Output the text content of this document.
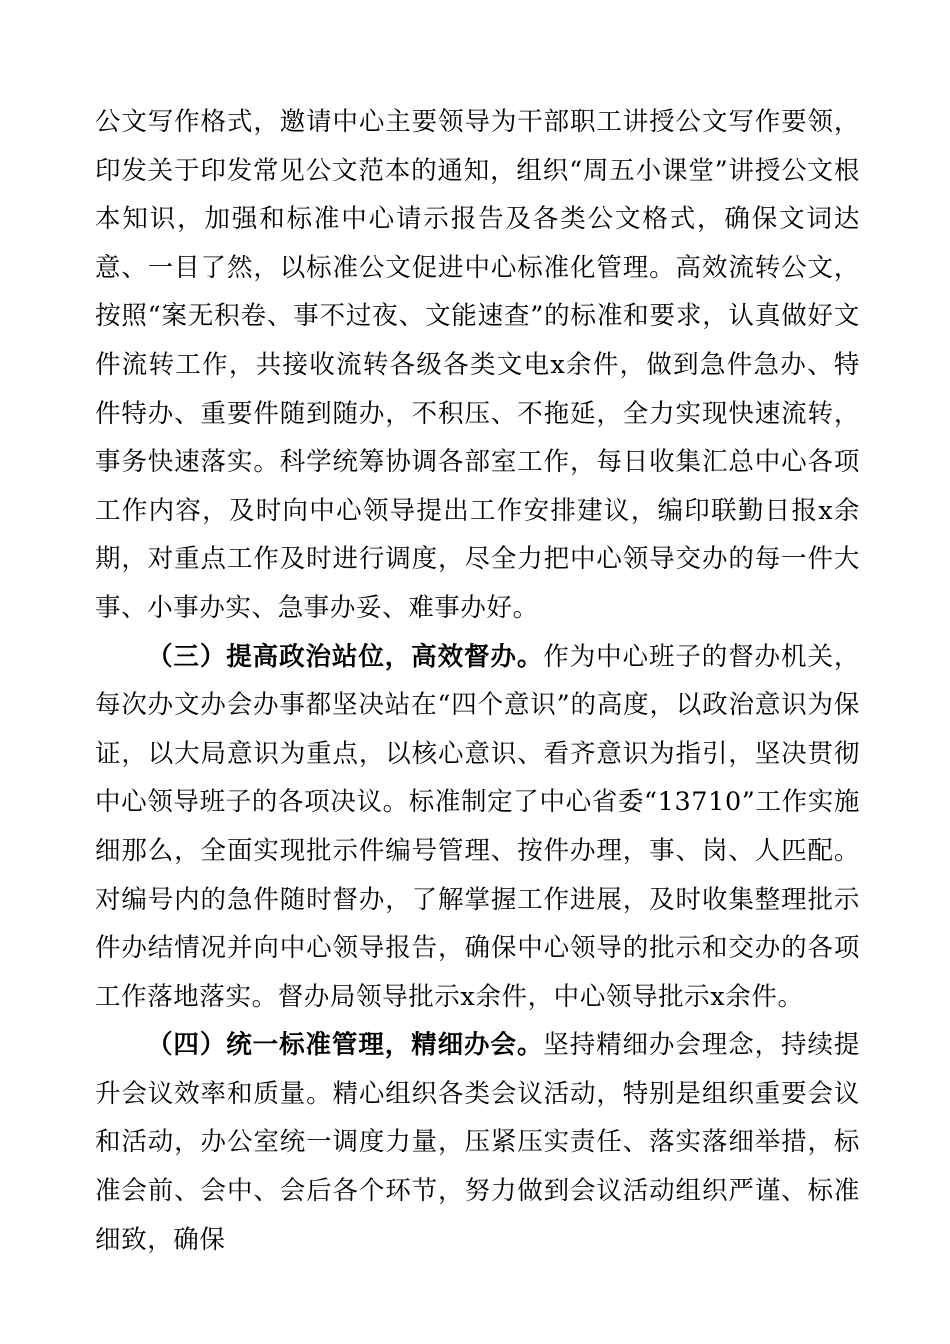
公文写作格式，邀请中心主要领导为干部职工讲授公文写作要领，印发关于印发常见公文范本的通知，组织“周五小课堂”讲授公文根本知识，加强和标准中心请示报告及各类公文格式，确保文词达意、一目了然，以标准公文促进中心标准化管理。高效流转公文，按照“案无积卷、事不过夜、文能速查”的标准和要求，认真做好文件流转工作，共接收流转各级各类文电x余件，做到急件急办、特件特办、重要件随到随办，不积压、不拖延，全力实现快速流转，事务快速落实。科学统筹协调各部室工作，每日收集汇总中心各项工作内容，及时向中心领导提出工作安排建议，编印联勤日报x余期，对重点工作及时进行调度，尽全力把中心领导交办的每一件大事、小事办实、急事办妥、难事办好。

（三）提高政治站位，高效督办。作为中心班子的督办机关，每次办文办会办事都坚决站在“四个意识”的高度，以政治意识为保证，以大局意识为重点，以核心意识、看齐意识为指引，坚决贯彻中心领导班子的各项决议。标准制定了中心省委“13710”工作实施细那么，全面实现批示件编号管理、按件办理，事、岗、人匹配。对编号内的急件随时督办，了解掌握工作进展，及时收集整理批示件办结情况并向中心领导报告，确保中心领导的批示和交办的各项工作落地落实。督办局领导批示x余件，中心领导批示x余件。

（四）统一标准管理，精细办会。坚持精细办会理念，持续提升会议效率和质量。精心组织各类会议活动，特别是组织重要会议和活动，办公室统一调度力量，压紧压实责任、落实落细举措，标准会前、会中、会后各个环节，努力做到会议活动组织严谨、标准细致，确保
